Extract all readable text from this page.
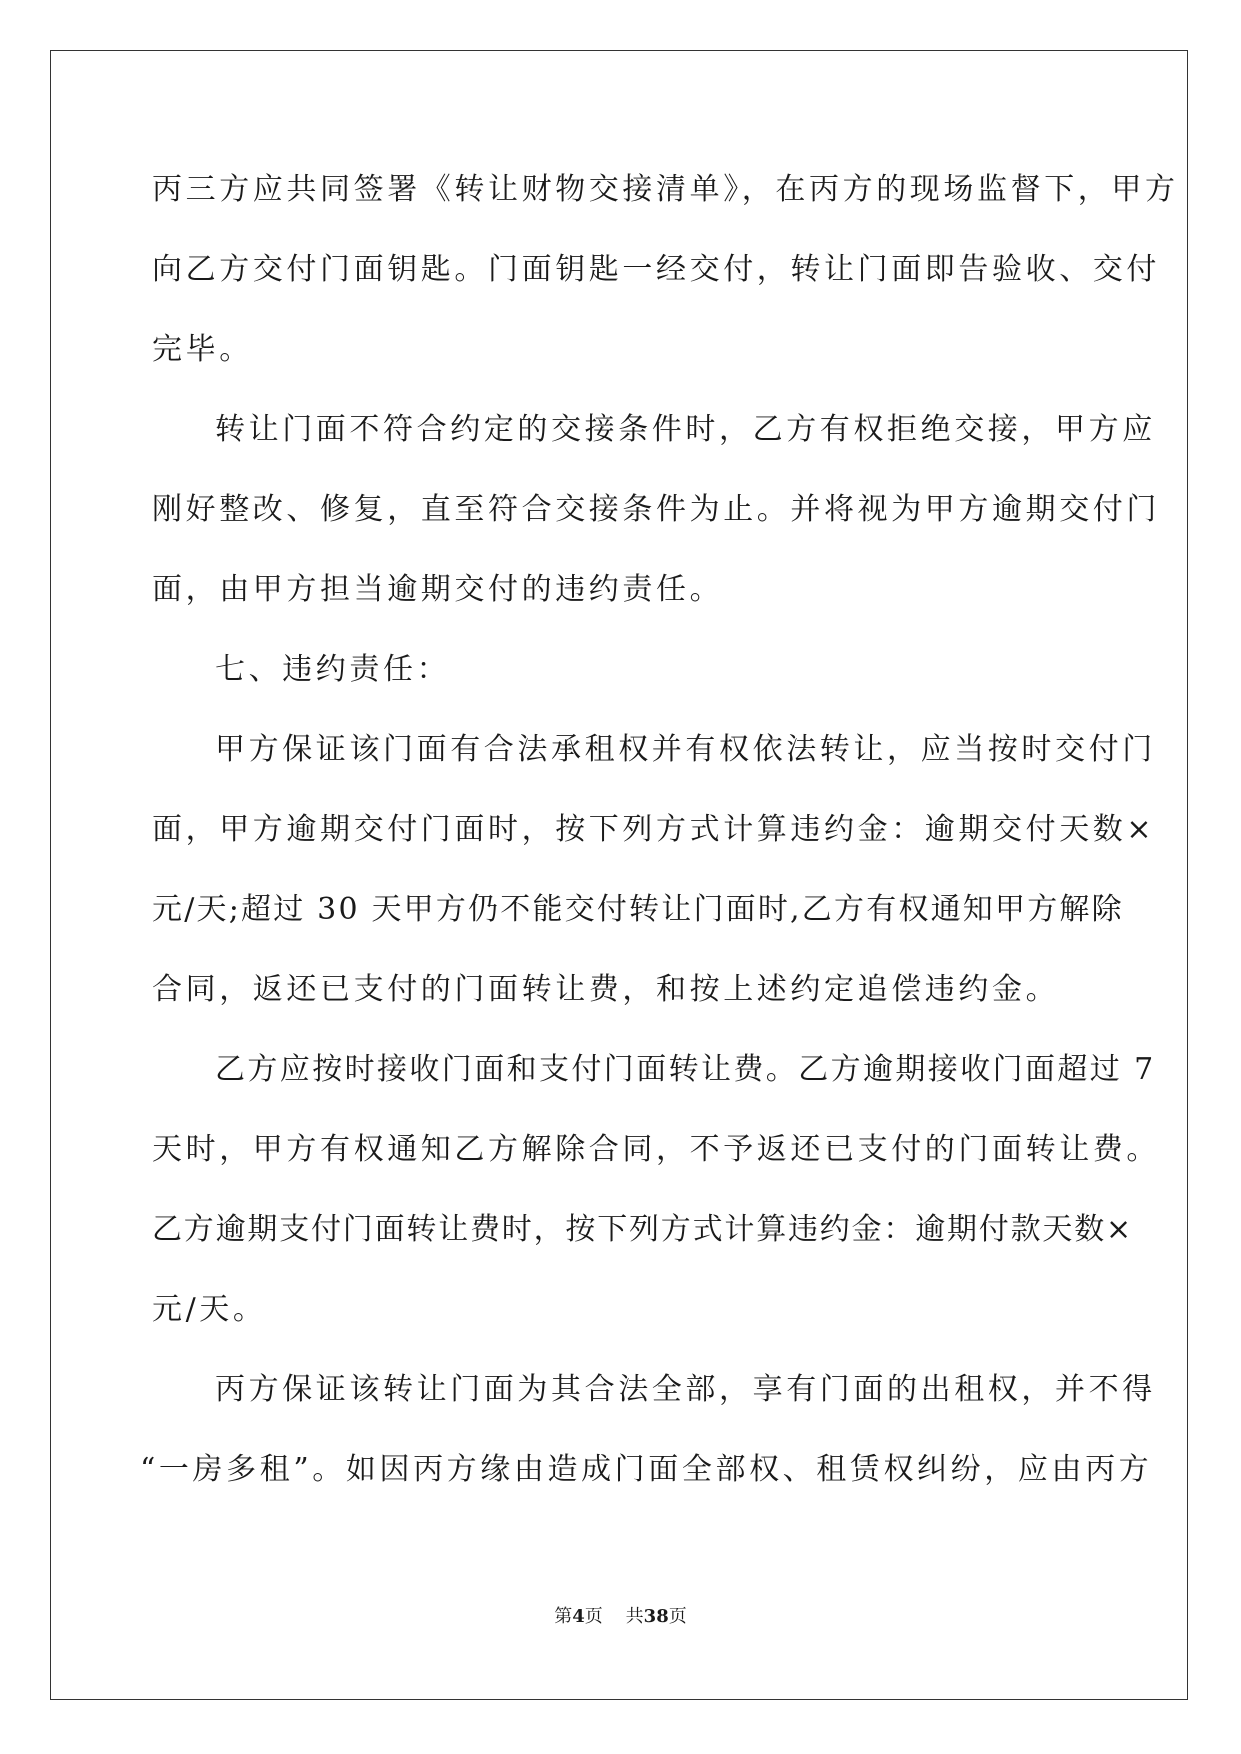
丙三方应共同签署《转让财物交接清单》，在丙方的现场监督下，甲方
向乙方交付门面钥匙。门面钥匙一经交付，转让门面即告验收、交付
完毕。
转让门面不符合约定的交接条件时，乙方有权拒绝交接，甲方应
刚好整改、修复，直至符合交接条件为止。并将视为甲方逾期交付门
面，由甲方担当逾期交付的违约责任。
七、违约责任：
甲方保证该门面有合法承租权并有权依法转让，应当按时交付门
面，甲方逾期交付门面时，按下列方式计算违约金：逾期交付天数×
元/天;超过 30 天甲方仍不能交付转让门面时,乙方有权通知甲方解除
合同，返还已支付的门面转让费，和按上述约定追偿违约金。
乙方应按时接收门面和支付门面转让费。乙方逾期接收门面超过 7
天时，甲方有权通知乙方解除合同，不予返还已支付的门面转让费。
乙方逾期支付门面转让费时，按下列方式计算违约金：逾期付款天数×
元/天。
丙方保证该转让门面为其合法全部，享有门面的出租权，并不得
“一房多租”。如因丙方缘由造成门面全部权、租赁权纠纷，应由丙方
第4页 共38页
